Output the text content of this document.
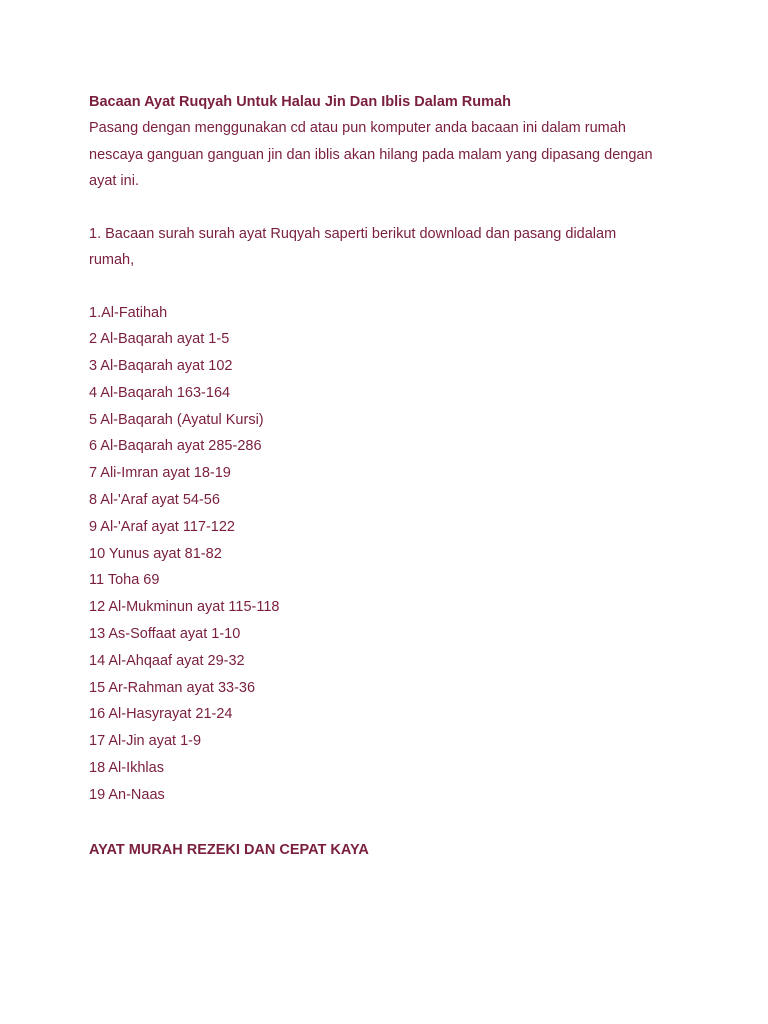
Bacaan Ayat Ruqyah Untuk Halau Jin Dan Iblis Dalam Rumah

Pasang dengan menggunakan cd atau pun komputer anda bacaan ini dalam rumah

nescaya ganguan ganguan jin dan iblis akan hilang pada malam yang dipasang dengan

ayat ini.

1. Bacaan surah surah ayat Ruqyah saperti berikut download dan pasang didalam

rumah,

1.Al-Fatihah
2 Al-Baqarah ayat 1-5
3 Al-Baqarah ayat 102
4 Al-Baqarah 163-164
5 Al-Baqarah (Ayatul Kursi)
6 Al-Baqarah ayat 285-286
7 Ali-Imran ayat 18-19
8 Al-'Araf ayat 54-56
9 Al-'Araf ayat 117-122
10 Yunus ayat 81-82
11 Toha 69
12 Al-Mukminun ayat 115-118
13 As-Soffaat ayat 1-10
14 Al-Ahqaaf ayat 29-32
15 Ar-Rahman ayat 33-36
16 Al-Hasyrayat 21-24
17 Al-Jin ayat 1-9
18 Al-Ikhlas
19 An-Naas

AYAT MURAH REZEKI DAN CEPAT KAYA
